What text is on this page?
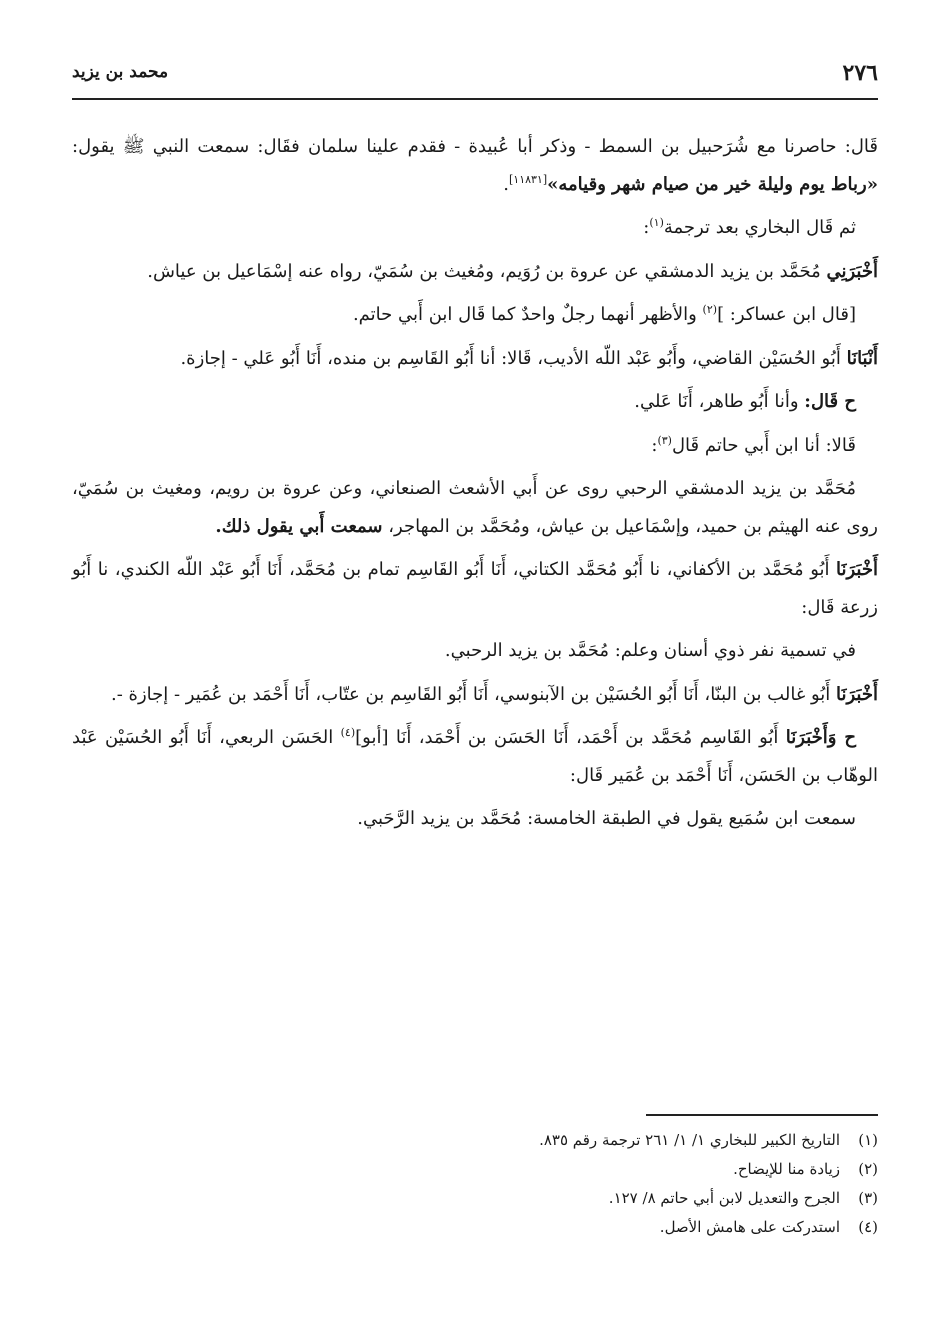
٢٧٦
محمد بن يزيد

قَال: حاصرنا مع شُرَحبيل بن السمط - وذكر أبا عُبيدة - فقدم علينا سلمان فقَال: سمعت النبي ﷺ يقول: «رباط يوم وليلة خير من صيام شهر وقيامه»[١١٨٣١].

ثم قَال البخاري بعد ترجمة$^{(١)}$:

أَخْبَرَنِي مُحَمَّد بن يزيد الدمشقي عن عروة بن رُوَيم، ومُغيث بن سُمَيّ، رواه عنه إسْمَاعيل بن عياش.

[قال ابن عساكر: ]$^{(٢)}$ والأظهر أنهما رجلٌ واحدٌ كما قَال ابن أَبي حاتم.

أَنْبَانَا أَبُو الحُسَيْن القاضي، وأَبُو عَبْد اللّه الأديب، قَالا: أنا أَبُو القَاسِم بن منده، أَنَا أَبُو عَلي - إجازة.

ح قَال: وأنا أَبُو طاهر، أَنَا عَلي.

قَالا: أنا ابن أَبي حاتم قَال$^{(٣)}$:

مُحَمَّد بن يزيد الدمشقي الرحبي روى عن أَبي الأشعث الصنعاني، وعن عروة بن رويم، ومغيث بن سُمَيّ، روى عنه الهيثم بن حميد، وإسْمَاعيل بن عياش، ومُحَمَّد بن المهاجر، سمعت أَبي يقول ذلك.

أَخْبَرَنَا أَبُو مُحَمَّد بن الأكفاني، نا أَبُو مُحَمَّد الكتاني، أَنَا أَبُو القَاسِم تمام بن مُحَمَّد، أَنَا أَبُو عَبْد اللّه الكندي، نا أَبُو زرعة قَال:

في تسمية نفر ذوي أسنان وعلم: مُحَمَّد بن يزيد الرحبي.

أَخْبَرَنَا أَبُو غالب بن البنّا، أَنَا أَبُو الحُسَيْن بن الآبنوسي، أَنَا أَبُو القَاسِم بن عتّاب، أَنَا أَحْمَد بن عُمَير - إجازة -.

ح وَأَخْبَرَنَا أَبُو القَاسِم مُحَمَّد بن أَحْمَد، أَنَا الحَسَن بن أَحْمَد، أَنَا [أبو]$^{(٤)}$ الحَسَن الربعي، أَنَا أَبُو الحُسَيْن عَبْد الوهّاب بن الحَسَن، أَنَا أَحْمَد بن عُمَير قَال:

سمعت ابن سُمَيع يقول في الطبقة الخامسة: مُحَمَّد بن يزيد الرَّحَبي.

(١)
التاريخ الكبير للبخاري ١/ ١/ ٢٦١ ترجمة رقم ٨٣٥.
(٢)
زيادة منا للإيضاح.
(٣)
الجرح والتعديل لابن أبي حاتم ٨/ ١٢٧.
(٤)
استدركت على هامش الأصل.
